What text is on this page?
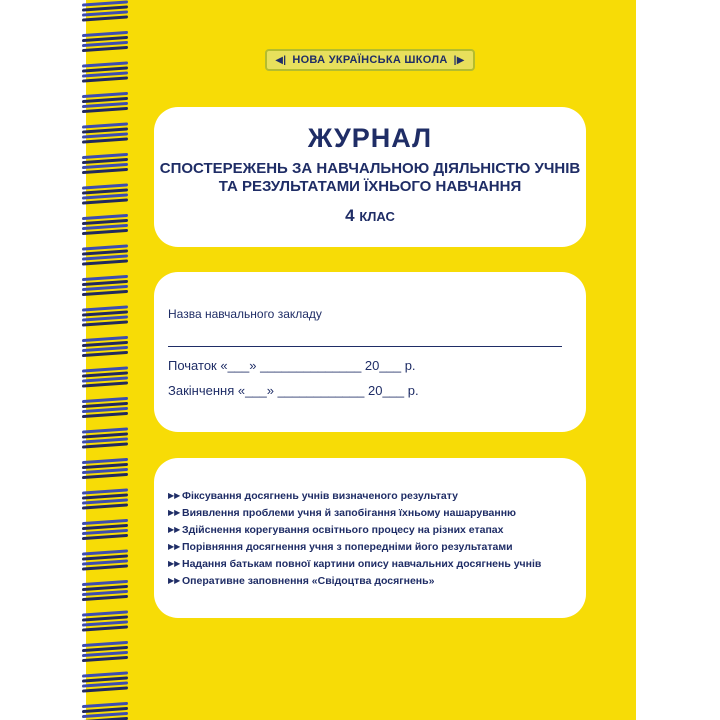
◀| НОВА УКРАЇНСЬКА ШКОЛА |▶
ЖУРНАЛ
СПОСТЕРЕЖЕНЬ ЗА НАВЧАЛЬНОЮ ДІЯЛЬНІСТЮ УЧНІВ
ТА РЕЗУЛЬТАТАМИ ЇХНЬОГО НАВЧАННЯ
4 КЛАС
Назва навчального закладу
Початок «___» ______________ 20___ р.
Закінчення «___» ____________ 20___ р.
▶▶ Фіксування досягнень учнів визначеного результату
▶▶ Виявлення проблеми учня й запобігання їхньому нашаруванню
▶▶ Здійснення корегування освітнього процесу на різних етапах
▶▶ Порівняння досягнення учня з попередніми його результатами
▶▶ Надання батькам повної картини опису навчальних досягнень учнів
▶▶ Оперативне заповнення «Свідоцтва досягнень»
